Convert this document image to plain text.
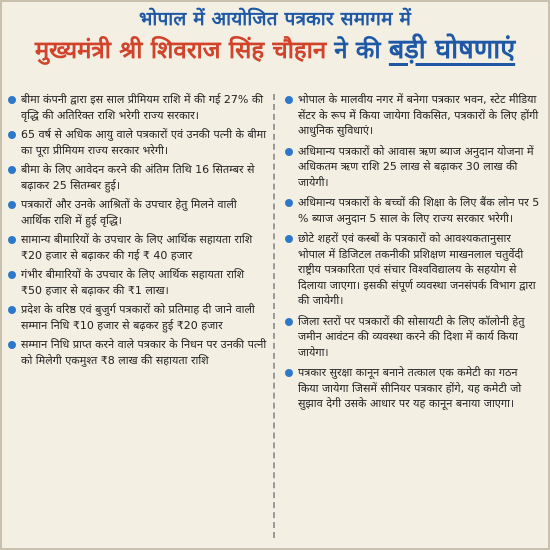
भोपाल में आयोजित पत्रकार समागम में
मुख्यमंत्री श्री शिवराज सिंह चौहान ने की बड़ी घोषणाएं
बीमा कंपनी द्वारा इस साल प्रीमियम राशि में की गई 27% की वृद्धि की अतिरिक्त राशि भरेगी राज्य सरकार।
65 वर्ष से अधिक आयु वाले पत्रकारों एवं उनकी पत्नी के बीमा का पूरा प्रीमियम राज्य सरकार भरेगी।
बीमा के लिए आवेदन करने की अंतिम तिथि 16 सितम्बर से बढ़ाकर 25 सितम्बर हुई।
पत्रकारों और उनके आश्रितों के उपचार हेतु मिलने वाली आर्थिक राशि में हुई वृद्धि।
सामान्य बीमारियों के उपचार के लिए आर्थिक सहायता राशि ₹20 हजार से बढ़ाकर की गई ₹ 40 हजार
गंभीर बीमारियों के उपचार के लिए आर्थिक सहायता राशि ₹50 हजार से बढ़ाकर की ₹1 लाख।
प्रदेश के वरिष्ठ एवं बुजुर्ग पत्रकारों को प्रतिमाह दी जाने वाली सम्मान निधि ₹10 हजार से बढ़कर हुई ₹20 हजार
सम्मान निधि प्राप्त करने वाले पत्रकार के निधन पर उनकी पत्नी को मिलेगी एकमुश्त ₹8 लाख की सहायता राशि
भोपाल के मालवीय नगर में बनेगा पत्रकार भवन, स्टेट मीडिया सेंटर के रूप में किया जायेगा विकसित, पत्रकारों के लिए होंगी आधुनिक सुविधाएं।
अधिमान्य पत्रकारों को आवास ऋण ब्याज अनुदान योजना में अधिकतम ऋण राशि 25 लाख से बढ़ाकर 30 लाख की जायेगी।
अधिमान्य पत्रकारों के बच्चों की शिक्षा के लिए बैंक लोन पर 5 % ब्याज अनुदान 5 साल के लिए राज्य सरकार भरेगी।
छोटे शहरों एवं कस्बों के पत्रकारों को आवश्यकतानुसार भोपाल में डिजिटल तकनीकी प्रशिक्षण माखनलाल चतुर्वेदी राष्ट्रीय पत्रकारिता एवं संचार विश्वविद्यालय के सहयोग से दिलाया जाएगा। इसकी संपूर्ण व्यवस्था जनसंपर्क विभाग द्वारा की जायेगी।
जिला स्तरों पर पत्रकारों की सोसायटी के लिए कॉलोनी हेतु जमीन आवंटन की व्यवस्था करने की दिशा में कार्य किया जायेगा।
पत्रकार सुरक्षा कानून बनाने तत्काल एक कमेटी का गठन किया जायेगा जिसमें सीनियर पत्रकार होंगे, यह कमेटी जो सुझाव देगी उसके आधार पर यह कानून बनाया जाएगा।
